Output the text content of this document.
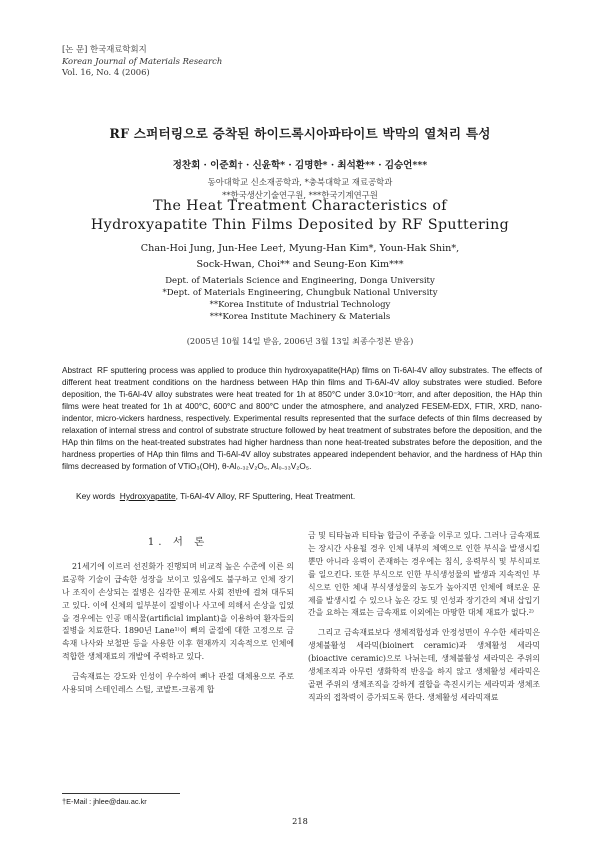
[논 문] 한국재료학회지
Korean Journal of Materials Research
Vol. 16, No. 4 (2006)
RF 스퍼터링으로 증착된 하이드록시아파타이트 박막의 열처리 특성
정찬회 · 이준희† · 신윤학* · 김명한* · 최석환** · 김승언***
동아대학교 신소재공학과, *충북대학교 재료공학과
**한국생산기술연구원, ***한국기계연구원
The Heat Treatment Characteristics of
Hydroxyapatite Thin Films Deposited by RF Sputtering
Chan-Hoi Jung, Jun-Hee Lee†, Myung-Han Kim*, Youn-Hak Shin*,
Sock-Hwan, Choi** and Seung-Eon Kim***
Dept. of Materials Science and Engineering, Donga University
*Dept. of Materials Engineering, Chungbuk National University
**Korea Institute of Industrial Technology
***Korea Institute Machinery & Materials
(2005년 10월 14일 받음, 2006년 3월 13일 최종수정본 받음)
Abstract RF sputtering process was applied to produce thin hydroxyapatite(HAp) films on Ti-6Al-4V alloy substrates. The effects of different heat treatment conditions on the hardness between HAp thin films and Ti-6Al-4V alloy substrates were studied. Before deposition, the Ti-6Al-4V alloy substrates were heat treated for 1h at 850°C under 3.0×10⁻³torr, and after deposition, the HAp thin films were heat treated for 1h at 400°C, 600°C and 800°C under the atmosphere, and analyzed FESEM-EDX, FTIR, XRD, nano-indentor, micro-vickers hardness, respectively. Experimental results represented that the surface defects of thin films decreased by relaxation of internal stress and control of substrate structure followed by heat treatment of substrates before the deposition, and the HAp thin films on the heat-treated substrates had higher hardness than none heat-treated substrates before the deposition, and the hardness properties of HAp thin films and Ti-6Al-4V alloy substrates appeared independent behavior, and the hardness of HAp thin films decreased by formation of VTiO₃(OH), θ-Al₀.₃₂V₂O₅, Al₀.₃₃V₂O₅.
Key words Hydroxyapatite, Ti-6Al-4V Alloy, RF Sputtering, Heat Treatment.
1. 서 론

21세기에 이르러 선진화가 진행되며 비교적 높은 수준에 이른 의료공학 기술이 급속한 성장을 보이고 있음에도 불구하고 인체 장기나 조직이 손상되는 질병은 심각한 문제로 사회 전반에 걸쳐 대두되고 있다. 이에 신체의 일부분이 질병이나 사고에 의해서 손상을 입었을 경우에는 인공 매식물(artificial implant)을 이용하여 환자들의 질병을 치료한다. 1890년 Lane¹⁾이 뼈의 골절에 대한 고정으로 금속재 나사와 보철판 등을 사용한 이후 현재까지 지속적으로 인체에 적합한 생체재료의 개발에 주력하고 있다.

금속재료는 강도와 인성이 우수하여 뼈나 관절 대체용으로 주로 사용되며 스테인레스 스틸, 코발트-크롬계 합

금 및 티타늄과 티타늄 합금이 주종을 이루고 있다. 그러나 금속재료는 장시간 사용될 경우 인체 내부의 체액으로 인한 부식을 발생시킬 뿐만 아니라 응력이 존재하는 경우에는 침식, 응력부식 및 부식피로를 일으킨다. 또한 부식으로 인한 부식생성물의 발생과 지속적인 부식으로 인한 체내 부식생성물의 농도가 높아지면 인체에 해로운 문제를 발생시킬 수 있으나 높은 강도 및 인성과 장기간의 체내 삽입기간을 요하는 재료는 금속재료 이외에는 마땅한 대체 재료가 없다.²⁾

그리고 금속재료보다 생체적합성과 안정성면이 우수한 세라믹은 생체불활성 세라믹(bioinert ceramic)과 생체활성 세라믹(bioactive ceramic)으로 나뉘는데, 생체불활성 세라믹은 주위의 생체조직과 아무런 생화학적 반응을 하지 않고 생체활성 세라믹은 골편 주위의 생체조직을 강하게 결합을 촉진시키는 세라믹과 생체조직과의 접착력이 증가되도록 한다. 생체활성 세라믹재료

†E-Mail : jhlee@dau.ac.kr
218
